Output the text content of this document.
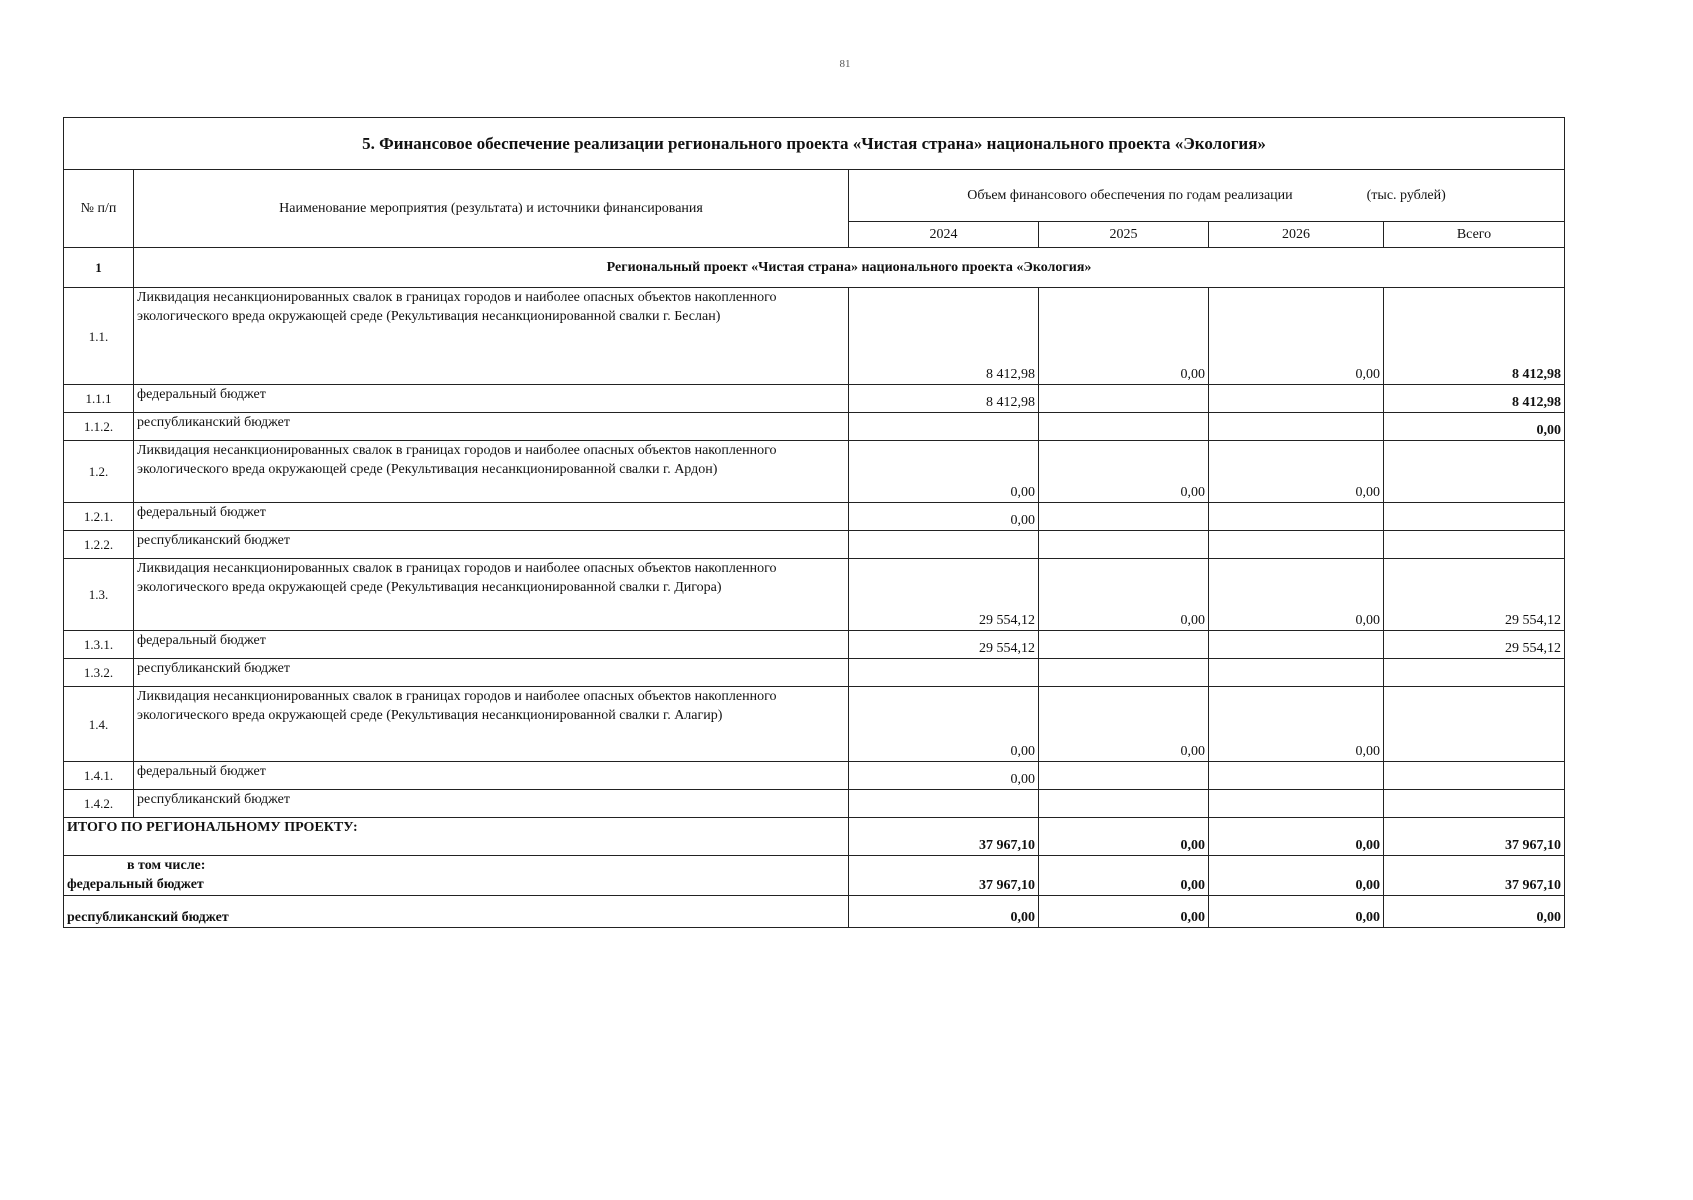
81
5. Финансовое обеспечение реализации регионального проекта «Чистая страна» национального проекта «Экология»					
№ п/п	Наименование мероприятия (результата) и источники финансирования	Объем финансового обеспечения по годам реализации (тыс. рублей)			
		2024	2025	2026	Всего
1	Региональный проект «Чистая страна» национального проекта «Экология»				
1.1.	Ликвидация несанкционированных свалок в границах городов и наиболее опасных объектов накопленного экологического вреда окружающей среде (Рекультивация несанкционированной свалки г. Беслан)	8 412,98	0,00	0,00	8 412,98
1.1.1	федеральный бюджет	8 412,98			8 412,98
1.1.2.	республиканский бюджет				0,00
1.2.	Ликвидация несанкционированных свалок в границах городов и наиболее опасных объектов накопленного экологического вреда окружающей среде (Рекультивация несанкционированной свалки г. Ардон)	0,00	0,00	0,00	
1.2.1.	федеральный бюджет	0,00			
1.2.2.	республиканский бюджет				
1.3.	Ликвидация несанкционированных свалок в границах городов и наиболее опасных объектов накопленного экологического вреда окружающей среде (Рекультивация несанкционированной свалки г. Дигора)	29 554,12	0,00	0,00	29 554,12
1.3.1.	федеральный бюджет	29 554,12			29 554,12
1.3.2.	республиканский бюджет				
1.4.	Ликвидация несанкционированных свалок в границах городов и наиболее опасных объектов накопленного экологического вреда окружающей среде (Рекультивация несанкционированной свалки г. Алагир)	0,00	0,00	0,00	
1.4.1.	федеральный бюджет	0,00			
1.4.2.	республиканский бюджет				
ИТОГО ПО РЕГИОНАЛЬНОМУ ПРОЕКТУ:		37 967,10	0,00	0,00	37 967,10

в том числе:
федеральный бюджет		37 967,10	0,00	0,00	37 967,10
республиканский бюджет		0,00	0,00	0,00	0,00
